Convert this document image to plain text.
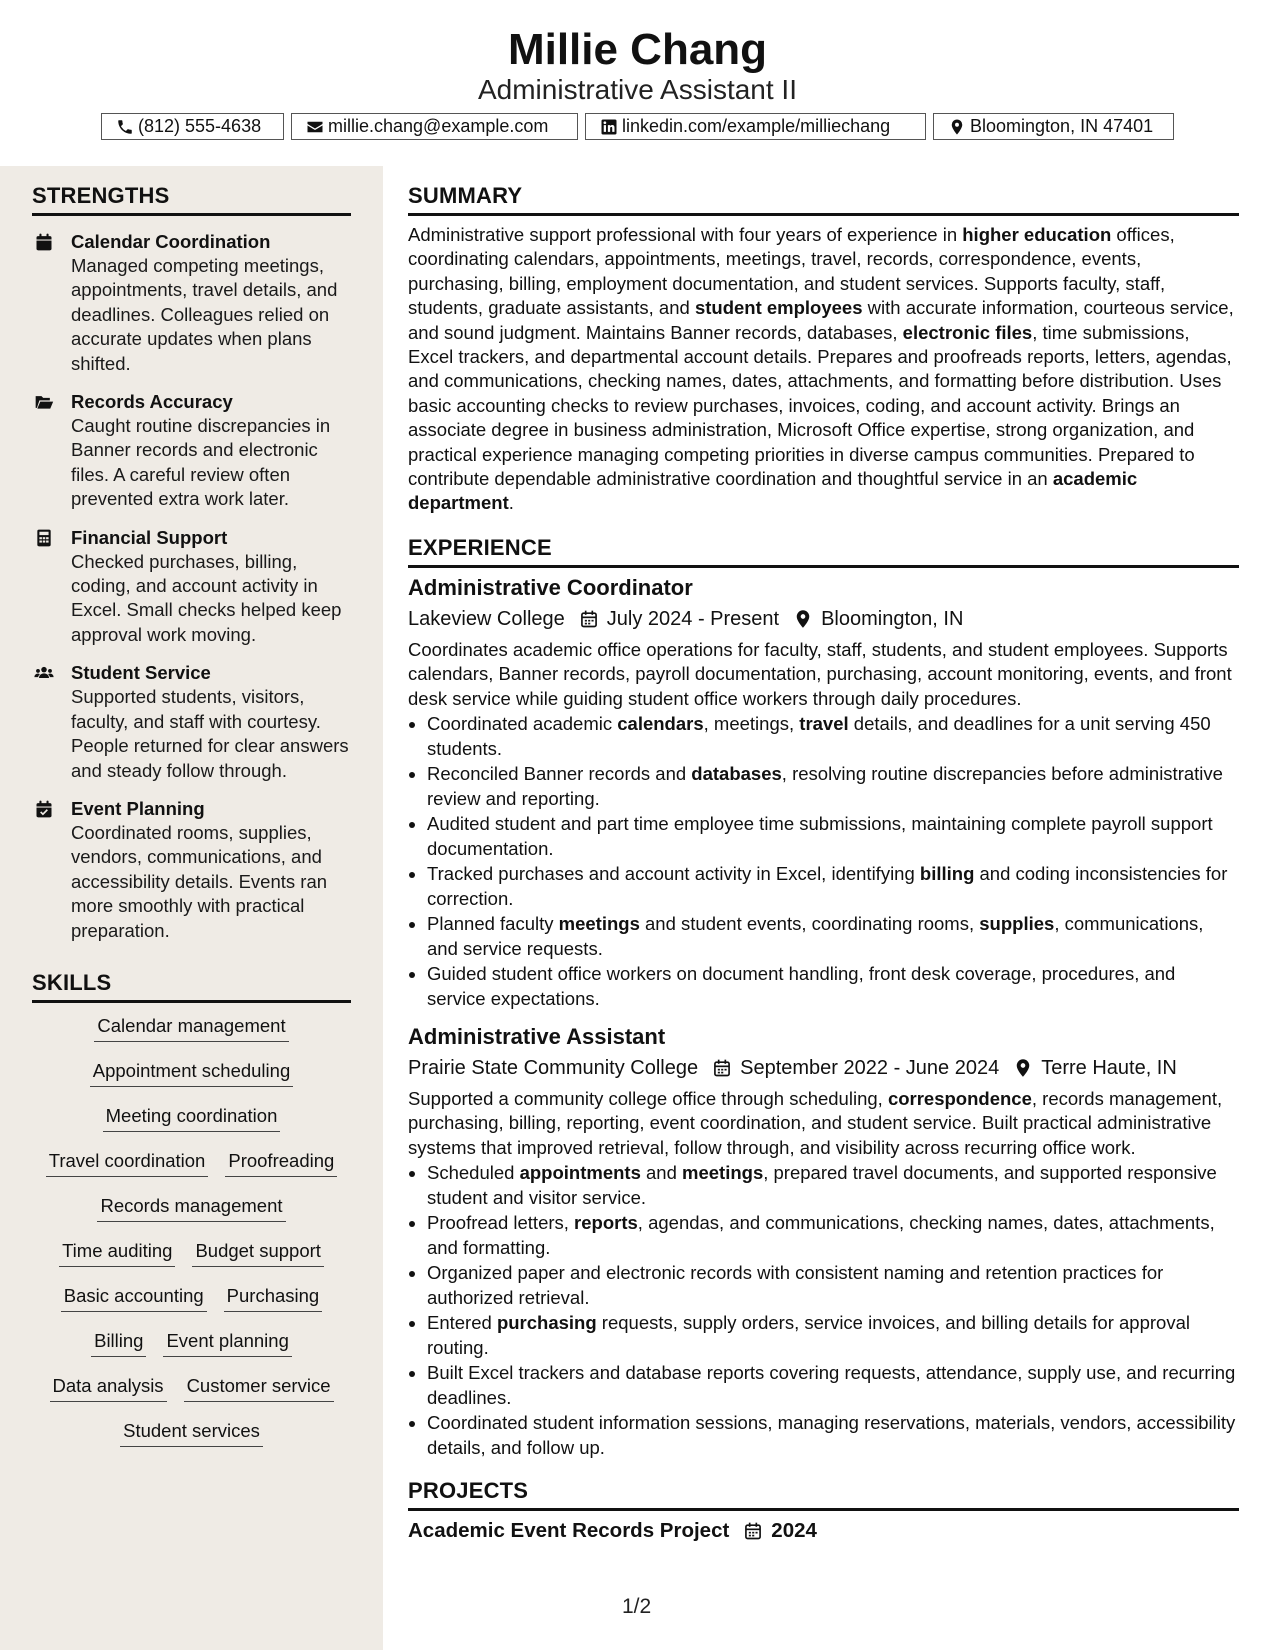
Millie Chang
Administrative Assistant II
(812) 555-4638	millie.chang@example.com	linkedin.com/example/milliechang	Bloomington, IN 47401
STRENGTHS
Calendar Coordination
Managed competing meetings, appointments, travel details, and deadlines. Colleagues relied on accurate updates when plans shifted.
Records Accuracy
Caught routine discrepancies in Banner records and electronic files. A careful review often prevented extra work later.
Financial Support
Checked purchases, billing, coding, and account activity in Excel. Small checks helped keep approval work moving.
Student Service
Supported students, visitors, faculty, and staff with courtesy. People returned for clear answers and steady follow through.
Event Planning
Coordinated rooms, supplies, vendors, communications, and accessibility details. Events ran more smoothly with practical preparation.
SKILLS
Calendar management
Appointment scheduling
Meeting coordination
Travel coordination Proofreading
Records management
Time auditing Budget support
Basic accounting Purchasing
Billing Event planning
Data analysis Customer service
Student services
SUMMARY

Administrative support professional with four years of experience in higher education offices, coordinating calendars, appointments, meetings, travel, records, correspondence, events, purchasing, billing, employment documentation, and student services. Supports faculty, staff, students, graduate assistants, and student employees with accurate information, courteous service, and sound judgment. Maintains Banner records, databases, electronic files, time submissions, Excel trackers, and departmental account details. Prepares and proofreads reports, letters, agendas, and communications, checking names, dates, attachments, and formatting before distribution. Uses basic accounting checks to review purchases, invoices, coding, and account activity. Brings an associate degree in business administration, Microsoft Office expertise, strong organization, and practical experience managing competing priorities in diverse campus communities. Prepared to contribute dependable administrative coordination and thoughtful service in an academic department.

EXPERIENCE
Administrative Coordinator
Lakeview College July 2024 - Present Bloomington, IN

Coordinates academic office operations for faculty, staff, students, and student employees. Supports calendars, Banner records, payroll documentation, purchasing, account monitoring, events, and front desk service while guiding student office workers through daily procedures.

• Coordinated academic calendars, meetings, travel details, and deadlines for a unit serving 450 students.
• Reconciled Banner records and databases, resolving routine discrepancies before administrative review and reporting.
• Audited student and part time employee time submissions, maintaining complete payroll support documentation.
• Tracked purchases and account activity in Excel, identifying billing and coding inconsistencies for correction.
• Planned faculty meetings and student events, coordinating rooms, supplies, communications, and service requests.
• Guided student office workers on document handling, front desk coverage, procedures, and service expectations.
Administrative Assistant
Prairie State Community College September 2022 - June 2024 Terre Haute, IN

Supported a community college office through scheduling, correspondence, records management, purchasing, billing, reporting, event coordination, and student service. Built practical administrative systems that improved retrieval, follow through, and visibility across recurring office work.

• Scheduled appointments and meetings, prepared travel documents, and supported responsive student and visitor service.
• Proofread letters, reports, agendas, and communications, checking names, dates, attachments, and formatting.
• Organized paper and electronic records with consistent naming and retention practices for authorized retrieval.
• Entered purchasing requests, supply orders, service invoices, and billing details for approval routing.
• Built Excel trackers and database reports covering requests, attendance, supply use, and recurring deadlines.
• Coordinated student information sessions, managing reservations, materials, vendors, accessibility details, and follow up.
PROJECTS
Academic Event Records Project 2024
1/2
